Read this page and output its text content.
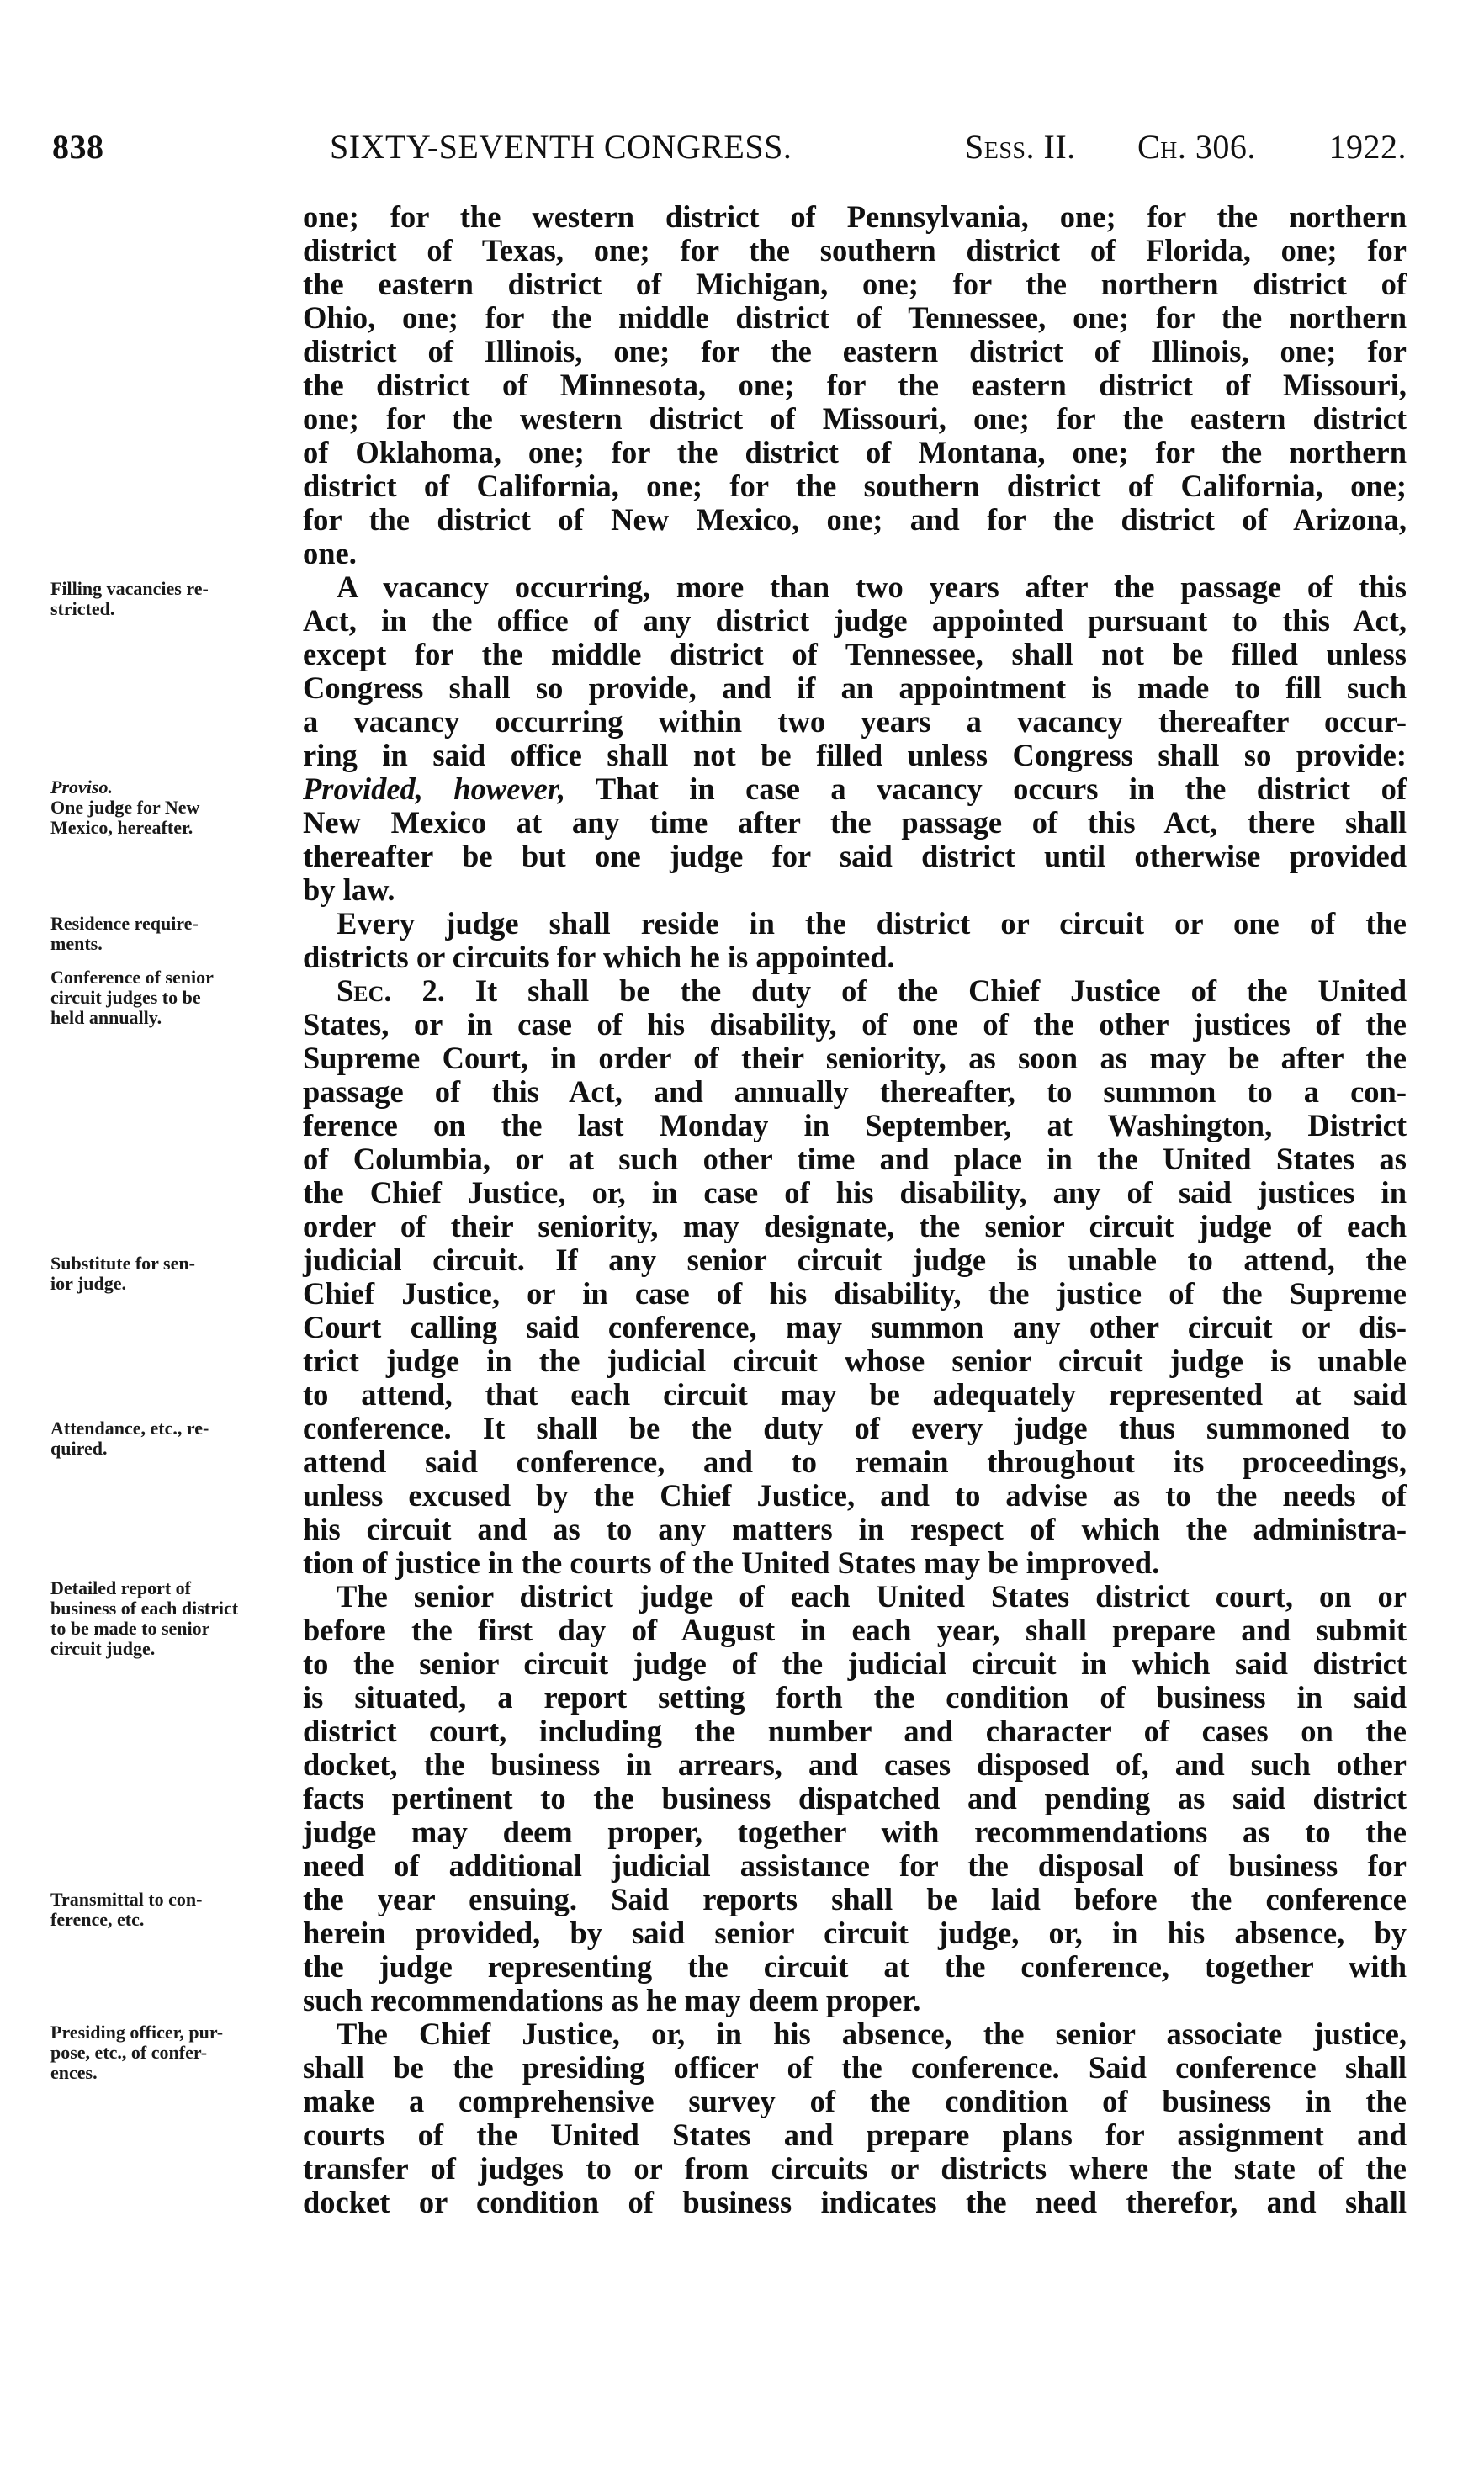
838	SIXTY-SEVENTH CONGRESS.	Sess. II. Ch. 306. 1922.
one; for the western district of Pennsylvania, one; for the northern
district of Texas, one; for the southern district of Florida, one; for
the eastern district of Michigan, one; for the northern district of
Ohio, one; for the middle district of Tennessee, one; for the northern
district of Illinois, one; for the eastern district of Illinois, one; for
the district of Minnesota, one; for the eastern district of Missouri,
one; for the western district of Missouri, one; for the eastern district
of Oklahoma, one; for the district of Montana, one; for the northern
district of California, one; for the southern district of California, one;
for the district of New Mexico, one; and for the district of Arizona,
one.
A vacancy occurring, more than two years after the passage of this
Act, in the office of any district judge appointed pursuant to this Act,
except for the middle district of Tennessee, shall not be filled unless
Congress shall so provide, and if an appointment is made to fill such
a vacancy occurring within two years a vacancy thereafter occur-
ring in said office shall not be filled unless Congress shall so provide:
Provided, however, That in case a vacancy occurs in the district of
New Mexico at any time after the passage of this Act, there shall
thereafter be but one judge for said district until otherwise provided
by law.
Every judge shall reside in the district or circuit or one of the
districts or circuits for which he is appointed.
Sec. 2. It shall be the duty of the Chief Justice of the United
States, or in case of his disability, of one of the other justices of the
Supreme Court, in order of their seniority, as soon as may be after the
passage of this Act, and annually thereafter, to summon to a con-
ference on the last Monday in September, at Washington, District
of Columbia, or at such other time and place in the United States as
the Chief Justice, or, in case of his disability, any of said justices in
order of their seniority, may designate, the senior circuit judge of each
judicial circuit. If any senior circuit judge is unable to attend, the
Chief Justice, or in case of his disability, the justice of the Supreme
Court calling said conference, may summon any other circuit or dis-
trict judge in the judicial circuit whose senior circuit judge is unable
to attend, that each circuit may be adequately represented at said
conference. It shall be the duty of every judge thus summoned to
attend said conference, and to remain throughout its proceedings,
unless excused by the Chief Justice, and to advise as to the needs of
his circuit and as to any matters in respect of which the administra-
tion of justice in the courts of the United States may be improved.
The senior district judge of each United States district court, on or
before the first day of August in each year, shall prepare and submit
to the senior circuit judge of the judicial circuit in which said district
is situated, a report setting forth the condition of business in said
district court, including the number and character of cases on the
docket, the business in arrears, and cases disposed of, and such other
facts pertinent to the business dispatched and pending as said district
judge may deem proper, together with recommendations as to the
need of additional judicial assistance for the disposal of business for
the year ensuing. Said reports shall be laid before the conference
herein provided, by said senior circuit judge, or, in his absence, by
the judge representing the circuit at the conference, together with
such recommendations as he may deem proper.
The Chief Justice, or, in his absence, the senior associate justice,
shall be the presiding officer of the conference. Said conference shall
make a comprehensive survey of the condition of business in the
courts of the United States and prepare plans for assignment and
transfer of judges to or from circuits or districts where the state of the
docket or condition of business indicates the need therefor, and shall
Filling vacancies re-
stricted.
Proviso.
One judge for New
Mexico, hereafter.
Residence require-
ments.
Conference of senior
circuit judges to be
held annually.
Substitute for sen-
ior judge.
Attendance, etc., re-
quired.
Detailed report of
business of each district
to be made to senior
circuit judge.
Transmittal to con-
ference, etc.
Presiding officer, pur-
pose, etc., of confer-
ences.
